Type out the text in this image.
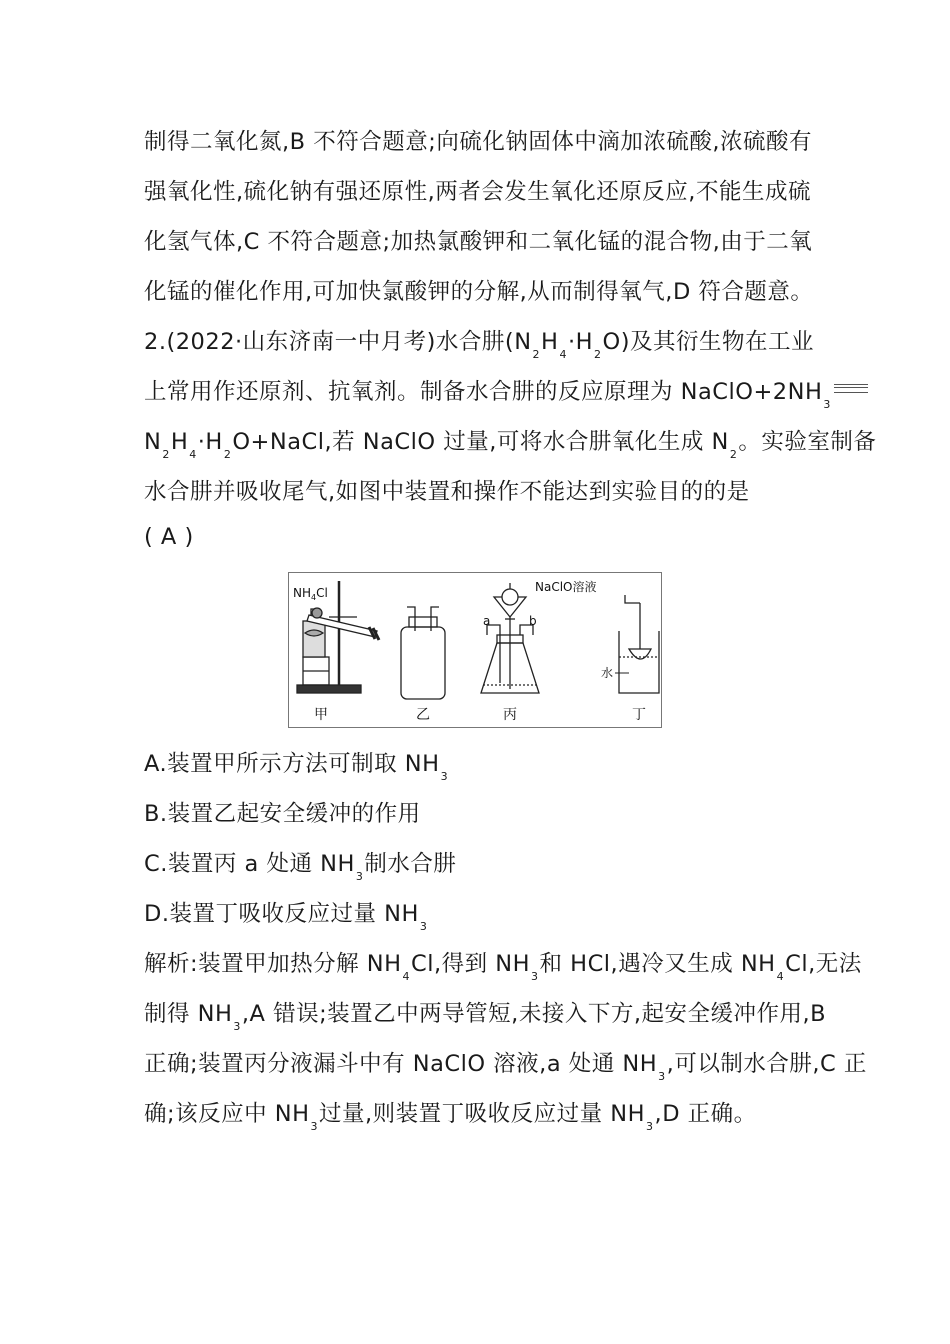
制得二氧化氮,B 不符合题意;向硫化钠固体中滴加浓硫酸,浓硫酸有
强氧化性,硫化钠有强还原性,两者会发生氧化还原反应,不能生成硫
化氢气体,C 不符合题意;加热氯酸钾和二氧化锰的混合物,由于二氧
化锰的催化作用,可加快氯酸钾的分解,从而制得氧气,D 符合题意。
2.(2022·山东济南一中月考)水合肼$(N_2H_4\cdot H_2O)$及其衍生物在工业
上常用作还原剂、抗氧剂。制备水合肼的反应原理为 $NaClO+2NH_3$
$N_2H_4\cdot H_2O+NaCl$,若 NaClO 过量,可将水合肼氧化生成 $N_2$。实验室制备
水合肼并吸收尾气,如图中装置和操作不能达到实验目的的是
( A )
$NH_4Cl$
甲	乙
NaClO溶液
a	b
丙
水
丁
A.装置甲所示方法可制取 $NH_3$
B.装置乙起安全缓冲的作用
C.装置丙 a 处通 $NH_3$制水合肼
D.装置丁吸收反应过量 $NH_3$
解析:装置甲加热分解 $NH_4Cl$,得到 $NH_3$和 HCl,遇冷又生成 $NH_4Cl$,无法
制得 $NH_3,A$ 错误;装置乙中两导管短,未接入下方,起安全缓冲作用,B
正确;装置丙分液漏斗中有 NaClO 溶液,a 处通 $NH_3$,可以制水合肼,C 正
确;该反应中 $NH_3$过量,则装置丁吸收反应过量 $NH_3,D$ 正确。
